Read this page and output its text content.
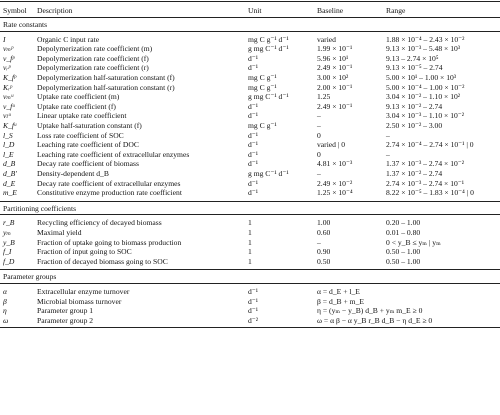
Symbol	Description	Unit	Baseline	Range
Rate constants
I	Organic C input rate	mg C g⁻¹ d⁻¹	varied	1.88 × 10⁻⁴ – 2.43 × 10⁻²
vₘᵖ	Depolymerization rate coefficient (m)	g mg C⁻¹ d⁻¹	1.99 × 10⁻¹	9.13 × 10⁻³ – 5.48 × 10³
v_fᵖ	Depolymerization rate coefficient (f)	d⁻¹	5.96 × 10¹	9.13 – 2.74 × 10⁵
vᵣᵖ	Depolymerization rate coefficient (r)	d⁻¹	2.49 × 10⁻¹	9.13 × 10⁻⁵ – 2.74
K_fᵖ	Depolymerization half-saturation constant (f)	mg C g⁻¹	3.00 × 10²	5.00 × 10¹ – 1.00 × 10³
Kᵣᵖ	Depolymerization half-saturation constant (r)	mg C g⁻¹	2.00 × 10⁻¹	5.00 × 10⁻⁴ – 1.00 × 10⁻²
vₘᵘ	Uptake rate coefficient (m)	g mg C⁻¹ d⁻¹	1.25	3.04 × 10⁻² – 1.10 × 10²
v_fᵘ	Uptake rate coefficient (f)	d⁻¹	2.49 × 10⁻¹	9.13 × 10⁻² – 2.74
vₗᵘ	Linear uptake rate coefficient	d⁻¹	–	3.04 × 10⁻³ – 1.10 × 10⁻²
K_fᵘ	Uptake half-saturation constant (f)	mg C g⁻¹	–	2.50 × 10⁻² – 3.00
l_S	Loss rate coefficient of SOC	d⁻¹	0	–
l_D	Leaching rate coefficient of DOC	d⁻¹	varied | 0	2.74 × 10⁻⁴ – 2.74 × 10⁻¹ | 0
l_E	Leaching rate coefficient of extracellular enzymes	d⁻¹	0	–
d_B	Decay rate coefficient of biomass	d⁻¹	4.81 × 10⁻³	1.37 × 10⁻³ – 2.74 × 10⁻²
d_B′	Density-dependent d_B	g mg C⁻¹ d⁻¹	–	1.37 × 10⁻² – 2.74
d_E	Decay rate coefficient of extracellular enzymes	d⁻¹	2.49 × 10⁻²	2.74 × 10⁻³ – 2.74 × 10⁻¹
m_E	Constitutive enzyme production rate coefficient	d⁻¹	1.25 × 10⁻⁴	8.22 × 10⁻⁵ – 1.83 × 10⁻⁴ | 0
Partitioning coefficients
r_B	Recycling efficiency of decayed biomass	1	1.00	0.20 – 1.00
yₘ	Maximal yield	1	0.60	0.01 – 0.80
y_B	Fraction of uptake going to biomass production	1	–	0 < y_B ≤ yₘ | yₘ
f_I	Fraction of input going to SOC	1	0.90	0.50 – 1.00
f_D	Fraction of decayed biomass going to SOC	1	0.50	0.50 – 1.00
Parameter groups
α	Extracellular enzyme turnover	d⁻¹	α = d_E + l_E
β	Microbial biomass turnover	d⁻¹	β = d_B + m_E
η	Parameter group 1	d⁻¹	η = (yₘ − y_B) d_B + yₘ m_E ≥ 0
ω	Parameter group 2	d⁻²	ω = α β − α y_B r_B d_B − η d_E ≥ 0
